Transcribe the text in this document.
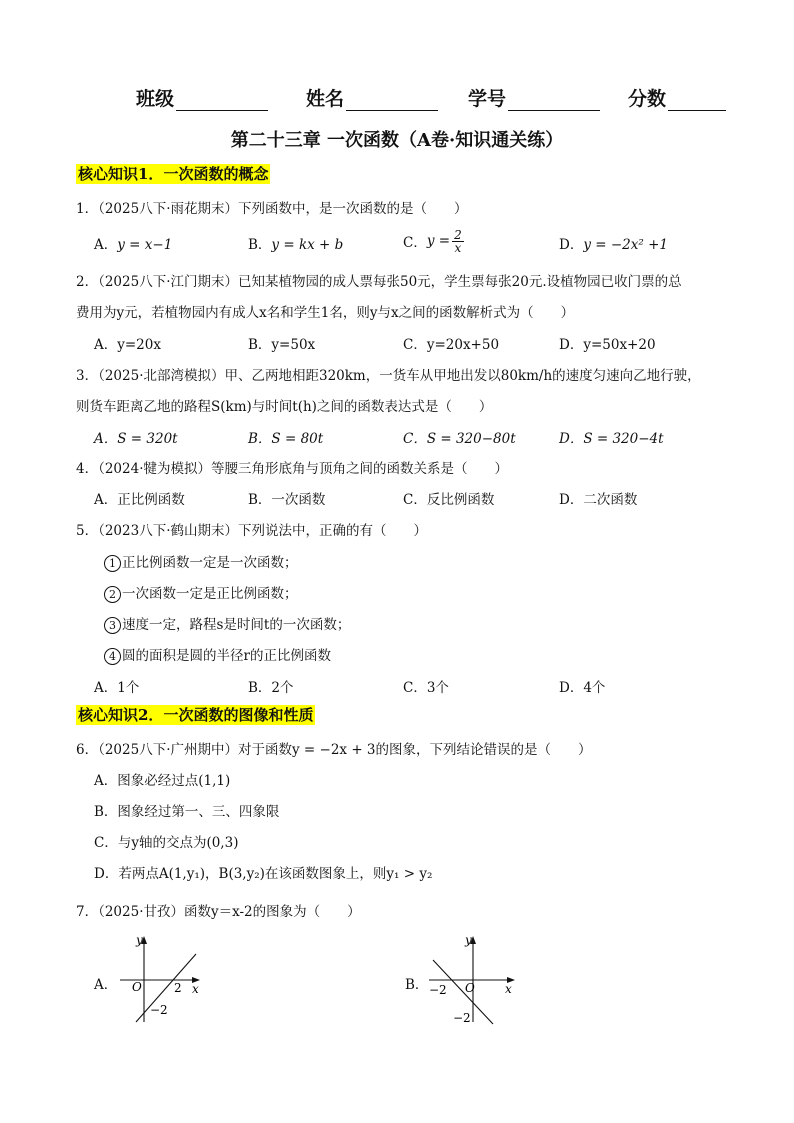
班级	姓名	学号	分数
第二十三章 一次函数（A卷·知识通关练）
核心知识1．一次函数的概念
1．（2025八下·雨花期末）下列函数中，是一次函数的是（　　）
A．y = x−1	B．y = kx + b	C． $y = \frac{2}{x}$	D．y = −2x² +1
2．（2025八下·江门期末）已知某植物园的成人票每张50元，学生票每张20元.设植物园已收门票的总
费用为y元，若植物园内有成人x名和学生1名，则y与x之间的函数解析式为（　　）
A．y=20x	B．y=50x	C．y=20x+50	D．y=50x+20
3．（2025·北部湾模拟）甲、乙两地相距320km，一货车从甲地出发以80km/h的速度匀速向乙地行驶，
则货车距离乙地的路程S(km)与时间t(h)之间的函数表达式是（　　）
A．S = 320t	B．S = 80t	C．S = 320−80t	D．S = 320−4t
4．（2024·犍为模拟）等腰三角形底角与顶角之间的函数关系是（　　）
A．正比例函数	B．一次函数	C．反比例函数	D．二次函数
5．（2023八下·鹤山期末）下列说法中，正确的有（　　）
1 正比例函数一定是一次函数；
2 一次函数一定是正比例函数；
3 速度一定，路程s是时间t的一次函数；
4 圆的面积是圆的半径r的正比例函数
A．1个	B．2个	C．3个	D．4个
核心知识2．一次函数的图像和性质
6．（2025八下·广州期中）对于函数y = −2x + 3的图象，下列结论错误的是（　　）
A．图象必经过点(1,1)
B．图象经过第一、三、四象限
C．与y轴的交点为(0,3)
D．若两点A(1,y₁)，B(3,y₂)在该函数图象上，则y₁ > y₂
7．（2025·甘孜）函数y＝x-2的图象为（　　）
A．
y
x
O	2
−2
B．
y
x
O
−2
−2
